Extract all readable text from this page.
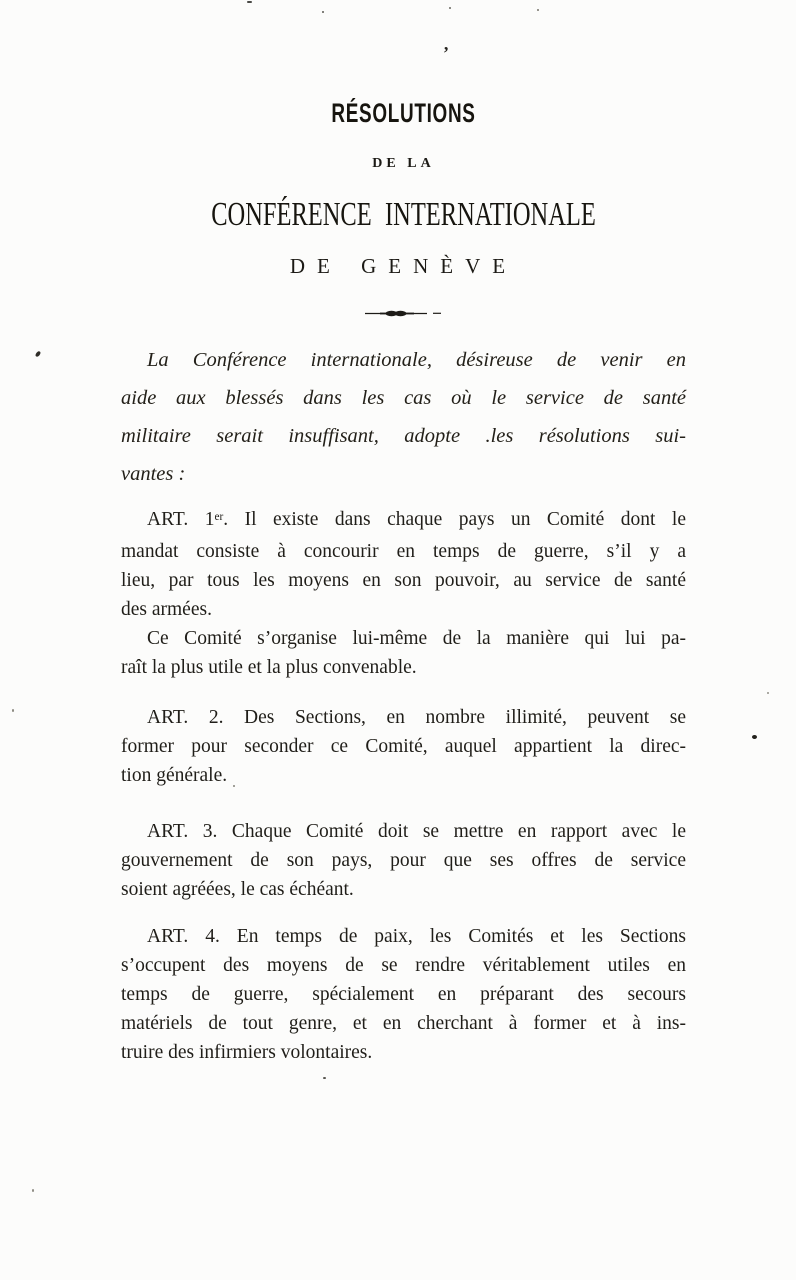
’
RÉSOLUTIONS
DE LA
CONFÉRENCE INTERNATIONALE
DE GENÈVE
La Conférence internationale, désireuse de venir en
aide aux blessés dans les cas où le service de santé
militaire serait insuffisant, adopte .les résolutions sui-
vantes :
ART. 1er. Il existe dans chaque pays un Comité dont le
mandat consiste à concourir en temps de guerre, s’il y a
lieu, par tous les moyens en son pouvoir, au service de santé
des armées.
Ce Comité s’organise lui-même de la manière qui lui pa-
raît la plus utile et la plus convenable.
ART. 2. Des Sections, en nombre illimité, peuvent se
former pour seconder ce Comité, auquel appartient la direc-
tion générale.
ART. 3. Chaque Comité doit se mettre en rapport avec le
gouvernement de son pays, pour que ses offres de service
soient agréées, le cas échéant.
ART. 4. En temps de paix, les Comités et les Sections
s’occupent des moyens de se rendre véritablement utiles en
temps de guerre, spécialement en préparant des secours
matériels de tout genre, et en cherchant à former et à ins-
truire des infirmiers volontaires.
